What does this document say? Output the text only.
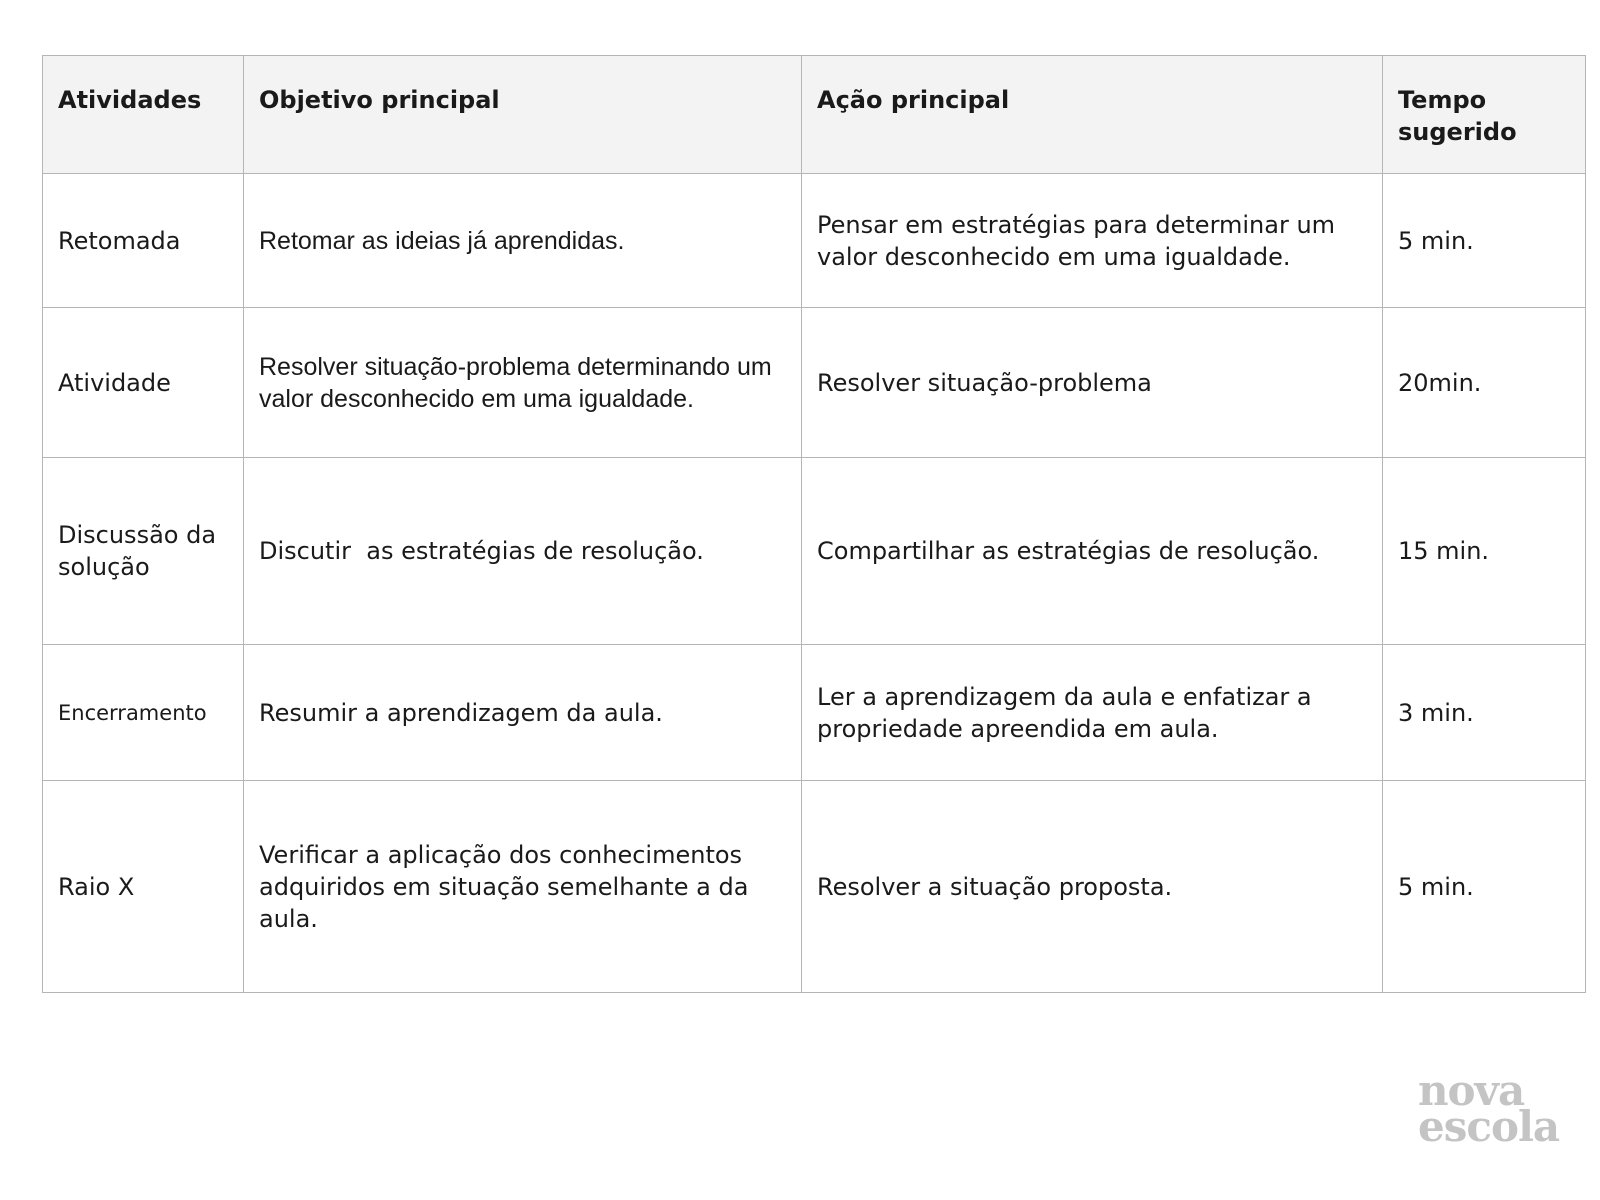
Atividades	Objetivo principal	Ação principal	Tempo sugerido
Retomada	Retomar as ideias já aprendidas.	Pensar em estratégias para determinar um valor desconhecido em uma igualdade.	5 min.
Atividade	Resolver situação-problema determinando um valor desconhecido em uma igualdade.	Resolver situação-problema	20min.
Discussão da solução	Discutir  as estratégias de resolução.	Compartilhar as estratégias de resolução.	15 min.
Encerramento	Resumir a aprendizagem da aula.	Ler a aprendizagem da aula e enfatizar a propriedade apreendida em aula.	3 min.
Raio X	Verificar a aplicação dos conhecimentos adquiridos em situação semelhante a da aula.	Resolver a situação proposta.	5 min.
nova
escola
